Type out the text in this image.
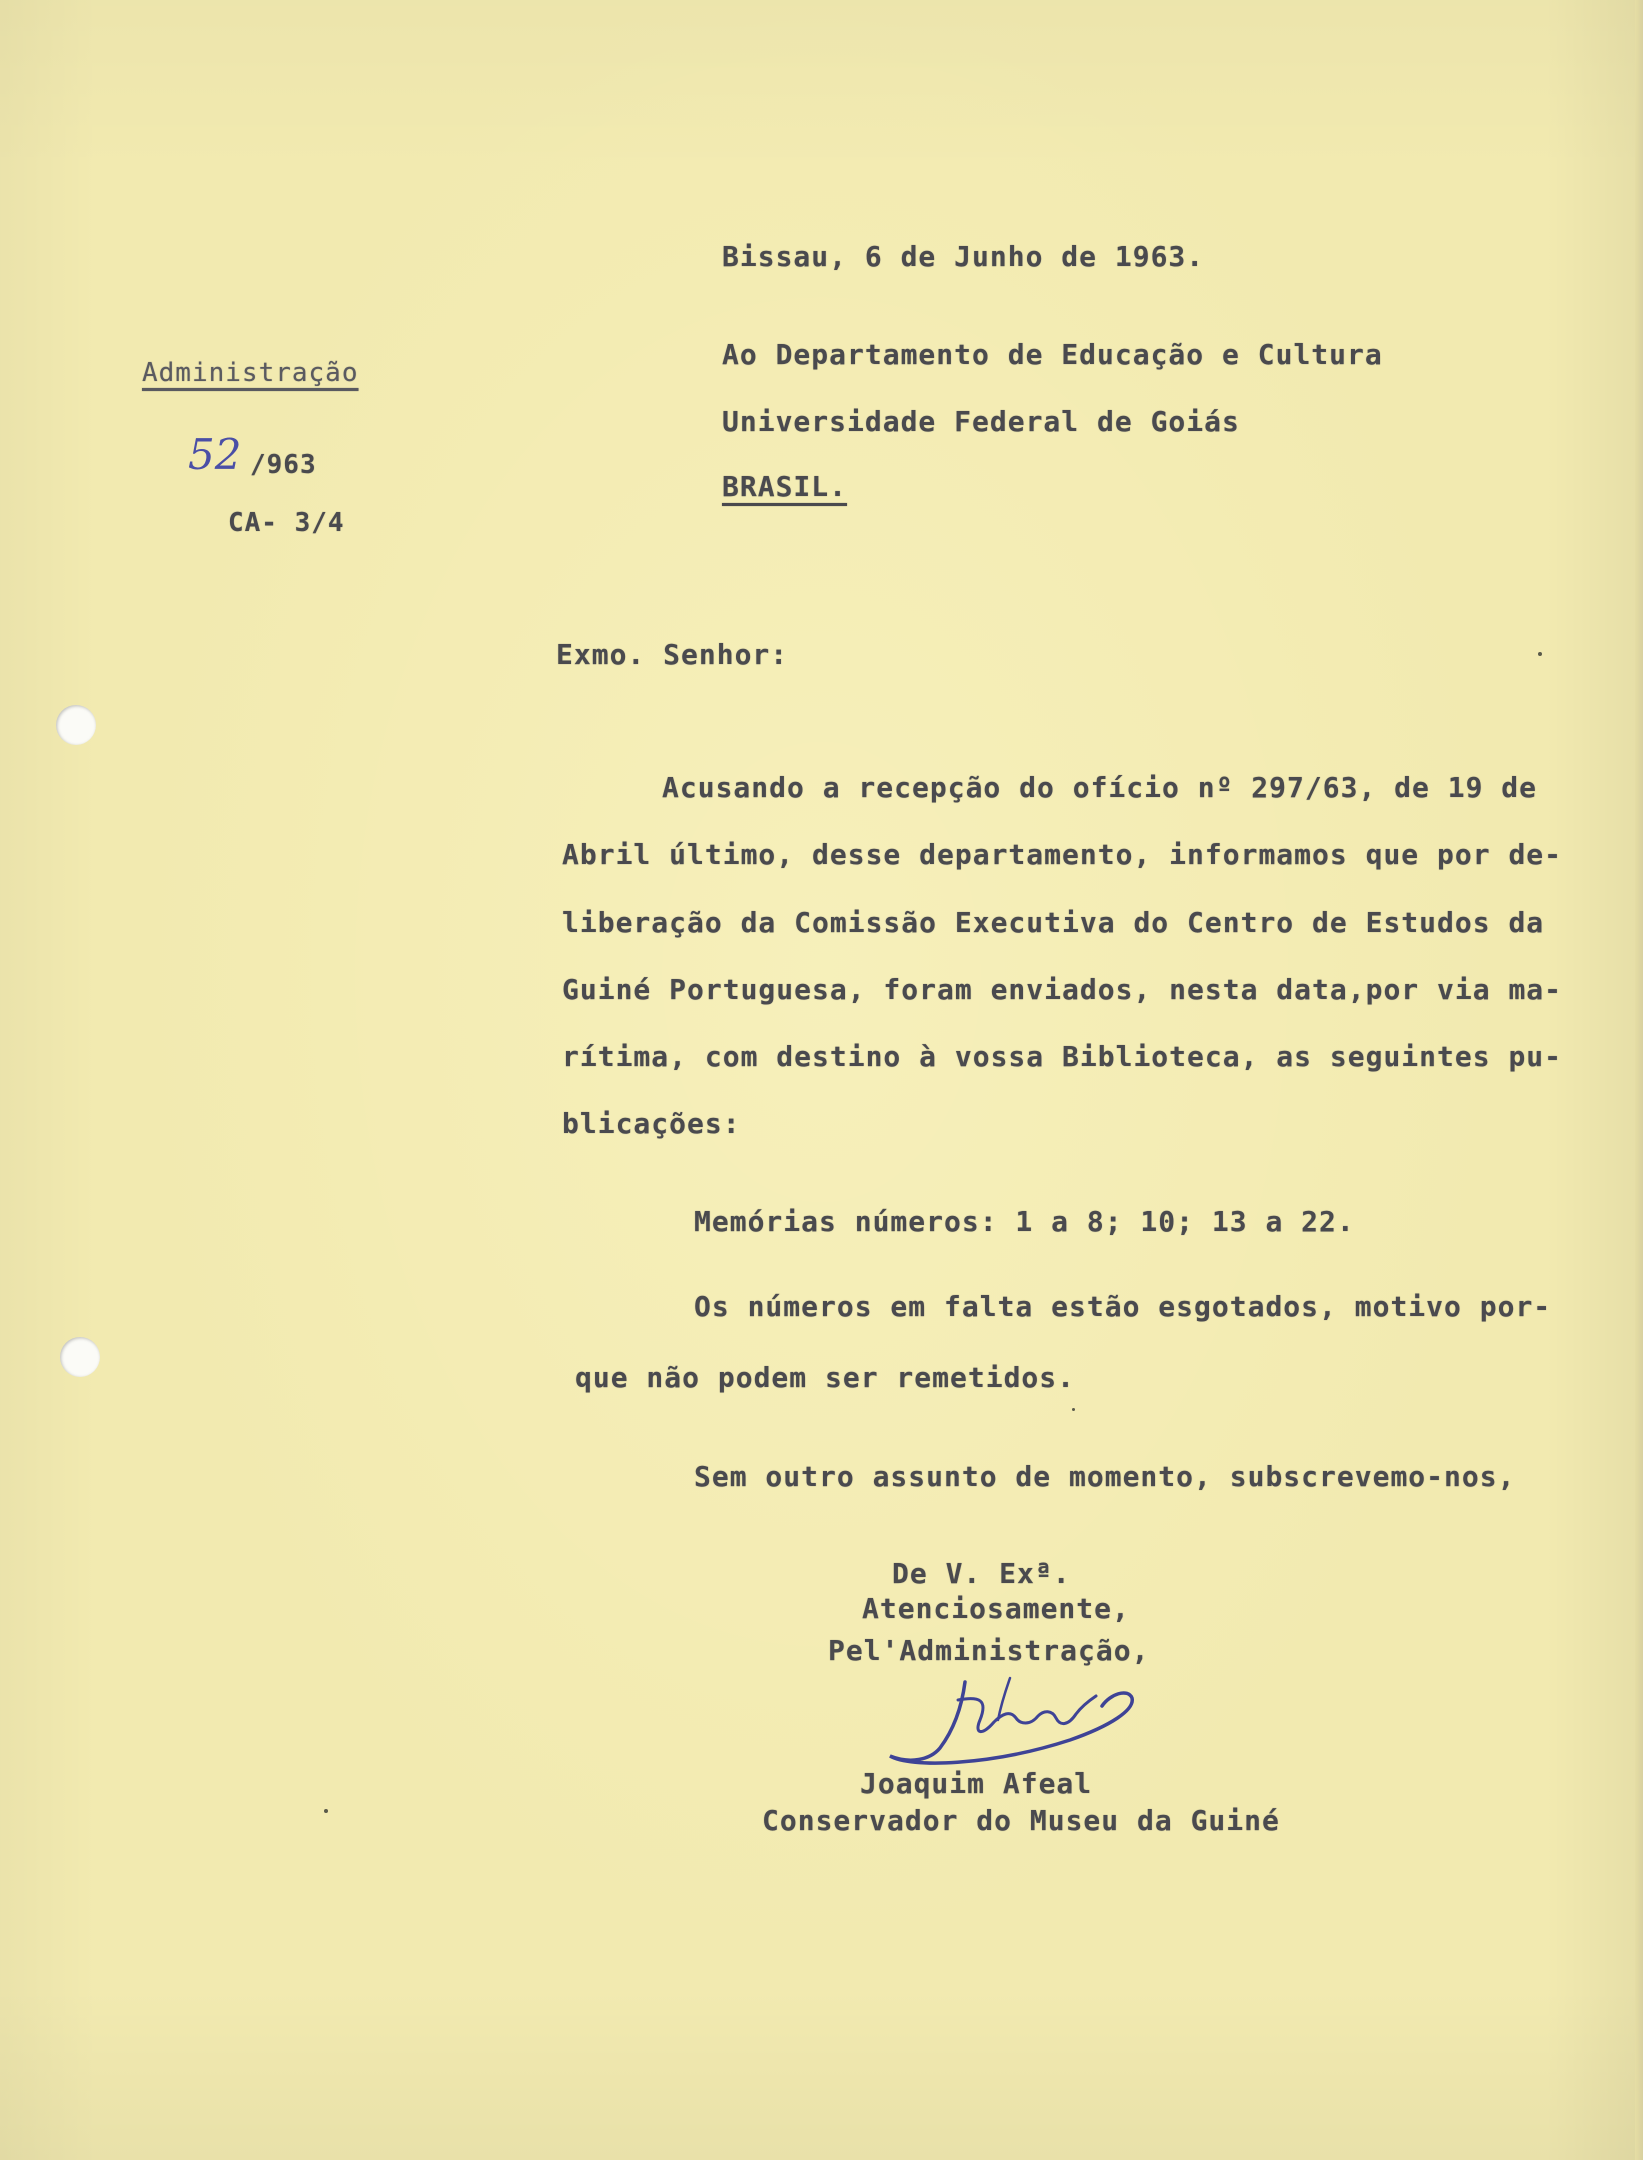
Bissau, 6 de Junho de 1963.
Ao Departamento de Educação e Cultura
Universidade Federal de Goiás
BRASIL.
Administração
52 /963
CA- 3/4
Exmo. Senhor:
Acusando a recepção do ofício nº 297/63, de 19 de
Abril último, desse departamento, informamos que por de-
liberação da Comissão Executiva do Centro de Estudos da
Guiné Portuguesa, foram enviados, nesta data,por via ma-
rítima, com destino à vossa Biblioteca, as seguintes pu-
blicações:
Memórias números: 1 a 8; 10; 13 a 22.
Os números em falta estão esgotados, motivo por-
que não podem ser remetidos.
Sem outro assunto de momento, subscrevemo-nos,
De V. Exª.
Atenciosamente,
Pel'Administração,
Joaquim Afeal
Conservador do Museu da Guiné
